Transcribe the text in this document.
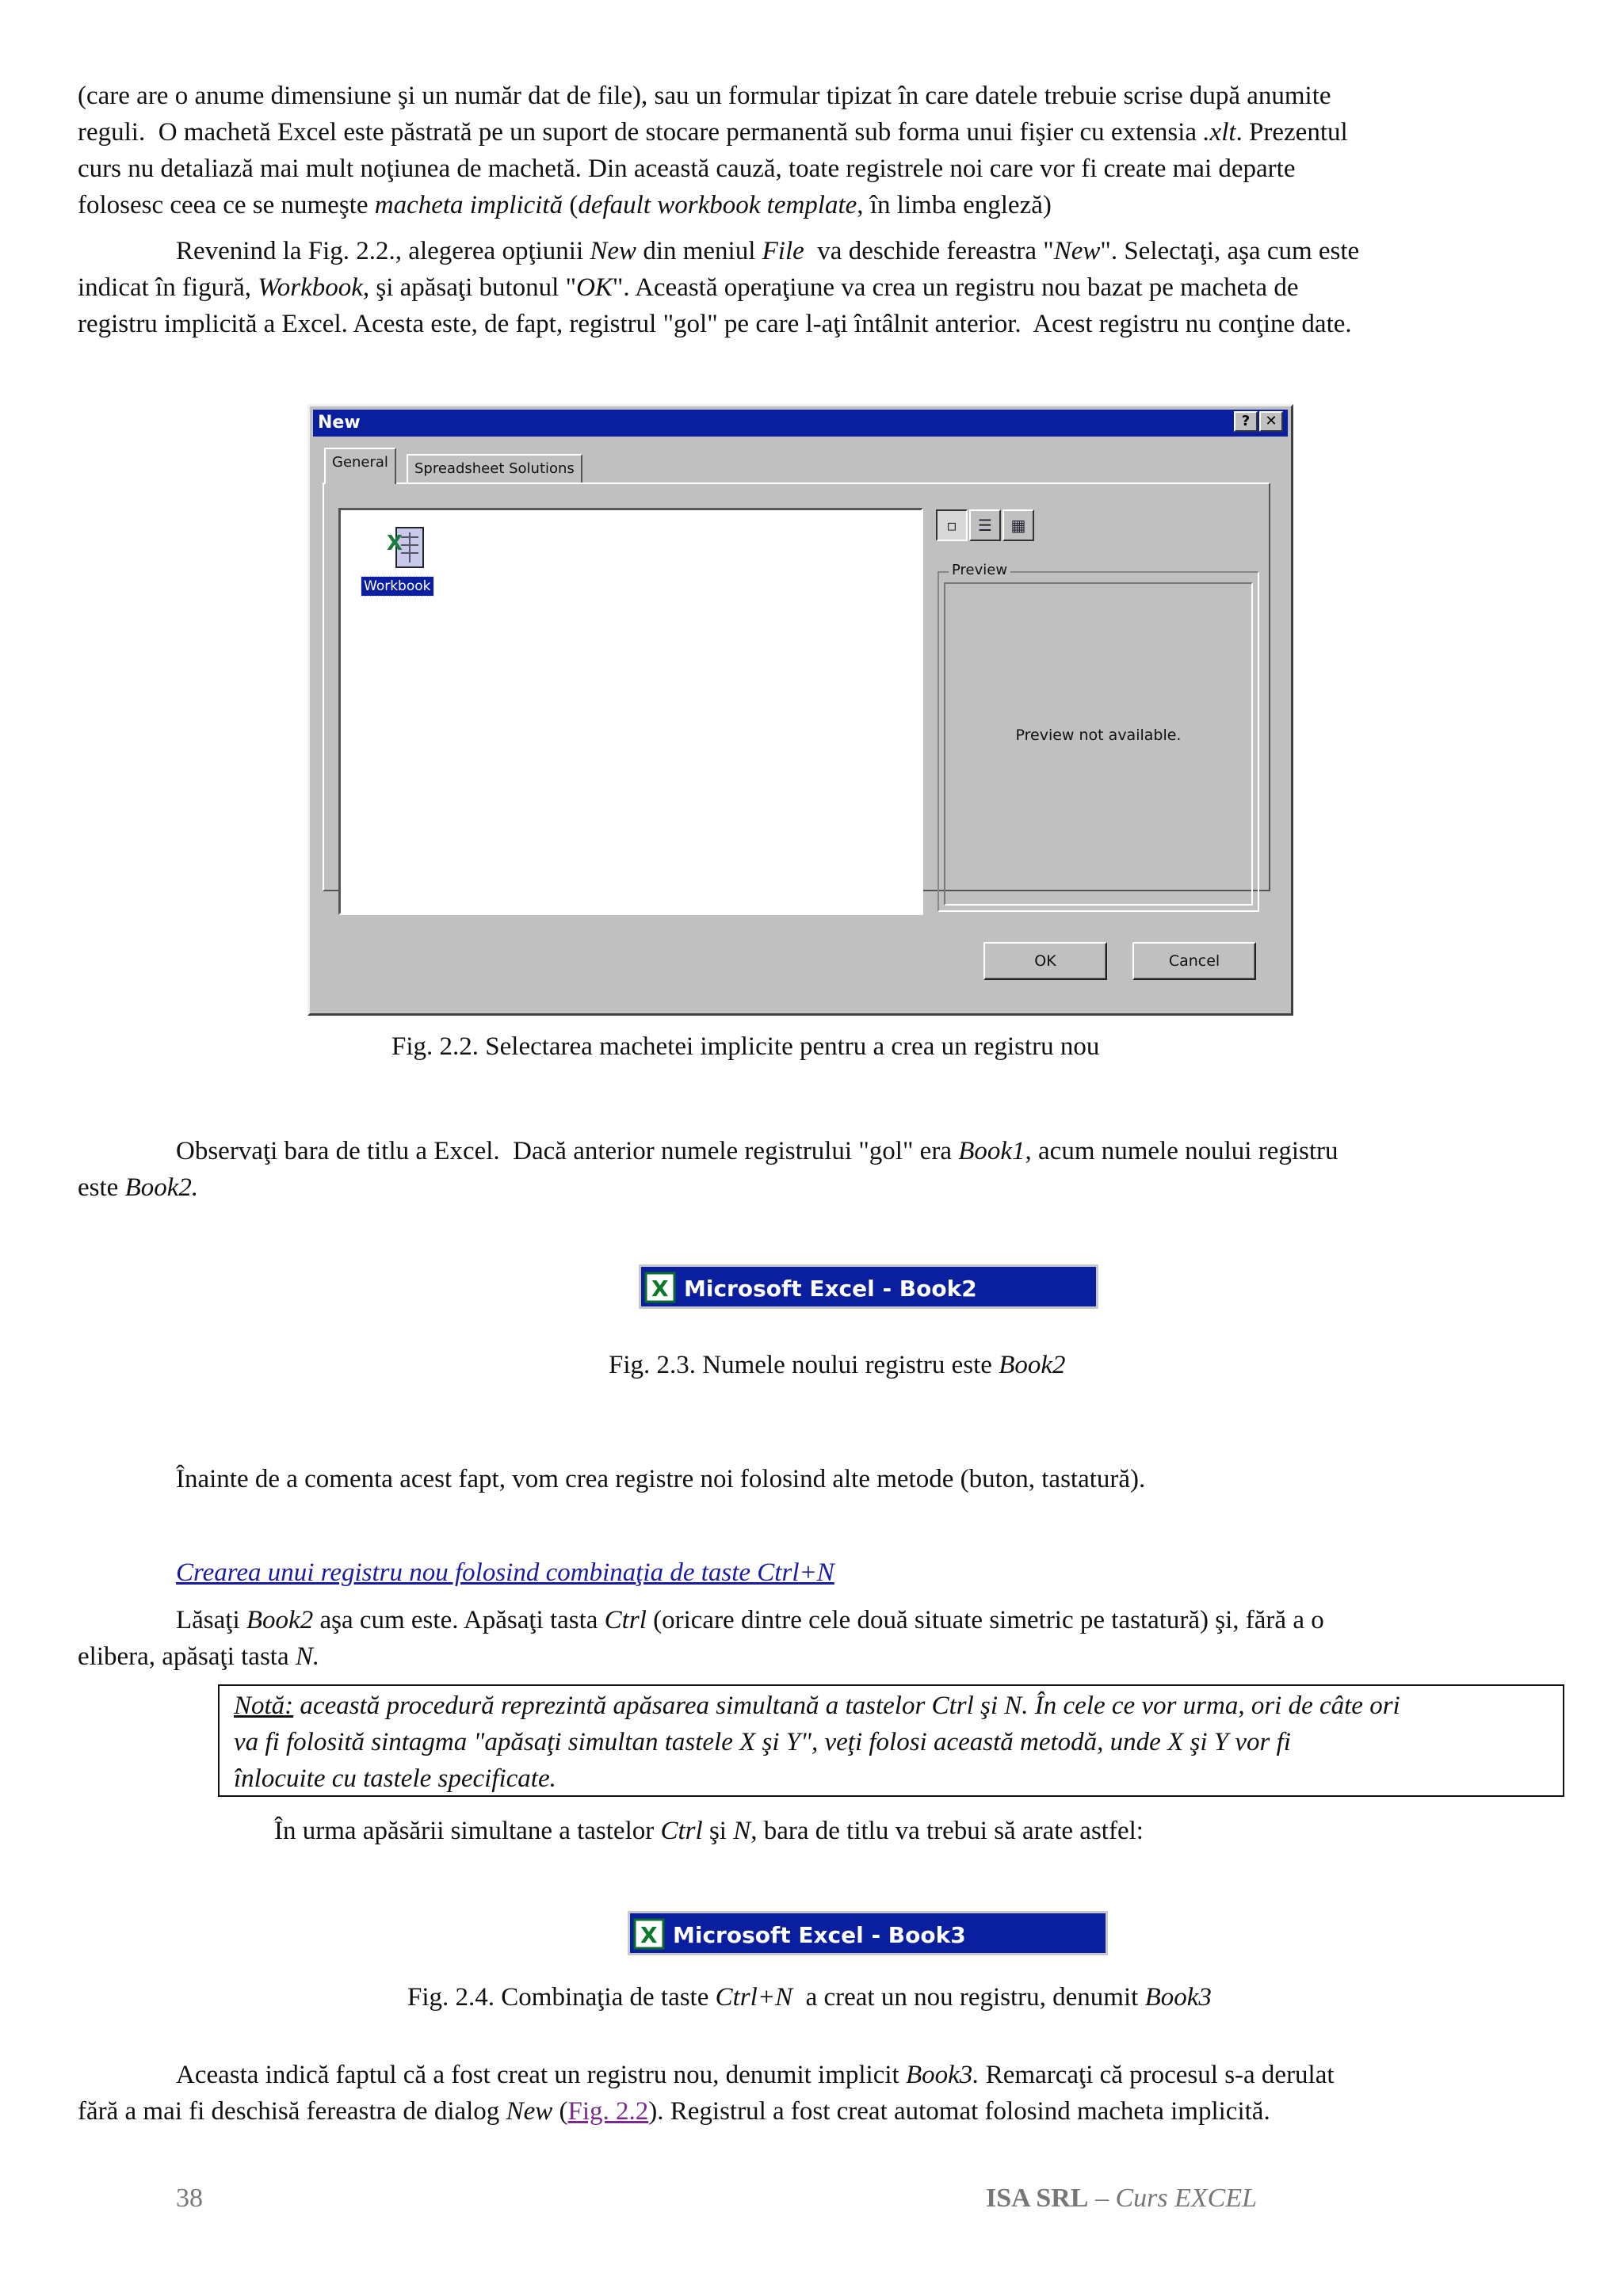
(care are o anume dimensiune şi un număr dat de file), sau un formular tipizat în care datele trebuie scrise după anumite
reguli.  O machetă Excel este păstrată pe un suport de stocare permanentă sub forma unui fişier cu extensia .xlt. Prezentul
curs nu detaliază mai mult noţiunea de machetă. Din această cauză, toate registrele noi care vor fi create mai departe
folosesc ceea ce se numeşte macheta implicită (default workbook template, în limba engleză)
Revenind la Fig. 2.2., alegerea opţiunii New din meniul File  va deschide fereastra "New". Selectaţi, aşa cum este
indicat în figură, Workbook, şi apăsaţi butonul "OK". Această operaţiune va crea un registru nou bazat pe macheta de
registru implicită a Excel. Acesta este, de fapt, registrul "gol" pe care l-aţi întâlnit anterior.  Acest registru nu conţine date.
New	?	✕
General	Spreadsheet Solutions
X
Workbook
▫	☰	▦
Preview
Preview not available.
OK	Cancel
Fig. 2.2. Selectarea machetei implicite pentru a crea un registru nou
Observaţi bara de titlu a Excel.  Dacă anterior numele registrului "gol" era Book1, acum numele noului registru
este Book2.
X Microsoft Excel - Book2
Fig. 2.3. Numele noului registru este Book2
Înainte de a comenta acest fapt, vom crea registre noi folosind alte metode (buton, tastatură).
Crearea unui registru nou folosind combinaţia de taste Ctrl+N
Lăsaţi Book2 aşa cum este. Apăsaţi tasta Ctrl (oricare dintre cele două situate simetric pe tastatură) şi, fără a o
elibera, apăsaţi tasta N.
Notă: această procedură reprezintă apăsarea simultană a tastelor Ctrl şi N. În cele ce vor urma, ori de câte ori
va fi folosită sintagma "apăsaţi simultan tastele X şi Y", veţi folosi această metodă, unde X şi Y vor fi
înlocuite cu tastele specificate.
În urma apăsării simultane a tastelor Ctrl şi N, bara de titlu va trebui să arate astfel:
X Microsoft Excel - Book3
Fig. 2.4. Combinaţia de taste Ctrl+N  a creat un nou registru, denumit Book3
Aceasta indică faptul că a fost creat un registru nou, denumit implicit Book3. Remarcaţi că procesul s-a derulat
fără a mai fi deschisă fereastra de dialog New (Fig. 2.2). Registrul a fost creat automat folosind macheta implicită.
38	ISA SRL – Curs EXCEL
